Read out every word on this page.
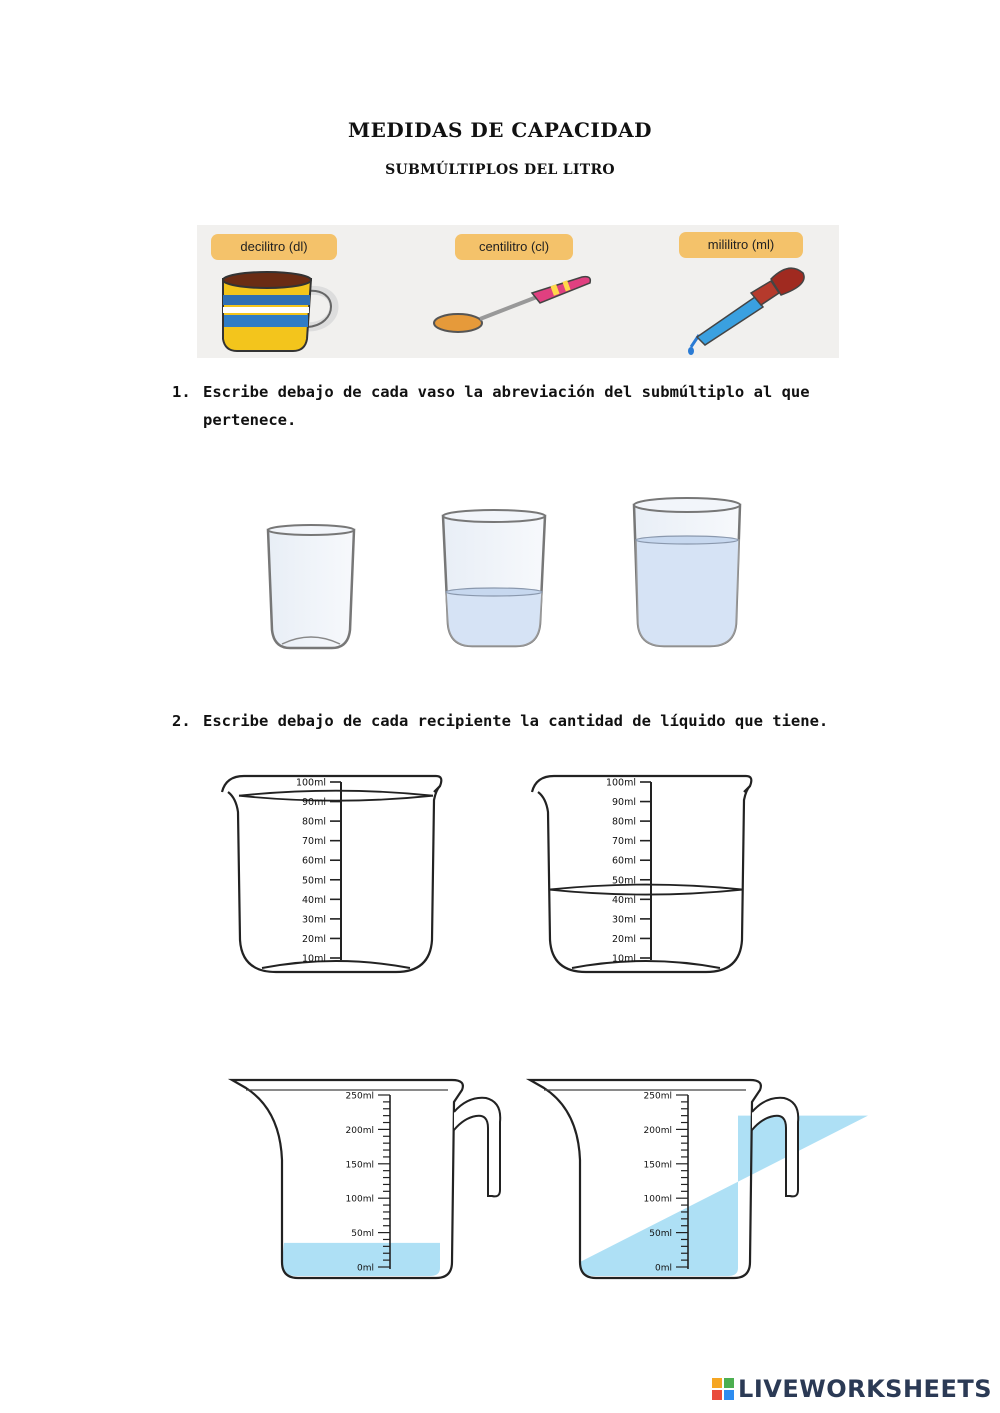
MEDIDAS DE CAPACIDAD
SUBMÚLTIPLOS DEL LITRO
decilitro (dl)	centilitro (cl)	mililitro (ml)
1. Escribe debajo de cada vaso la abreviación del submúltiplo al que
pertenece.
2. Escribe debajo de cada recipiente la cantidad de líquido que tiene.
100ml
90ml
80ml
70ml
60ml
50ml
40ml
30ml
20ml
10ml
100ml
90ml
80ml
70ml
60ml
50ml
40ml
30ml
20ml
10ml
250ml
200ml
150ml
100ml
50ml
0ml
250ml
200ml
150ml
100ml
50ml
0ml
LIVEWORKSHEETS
